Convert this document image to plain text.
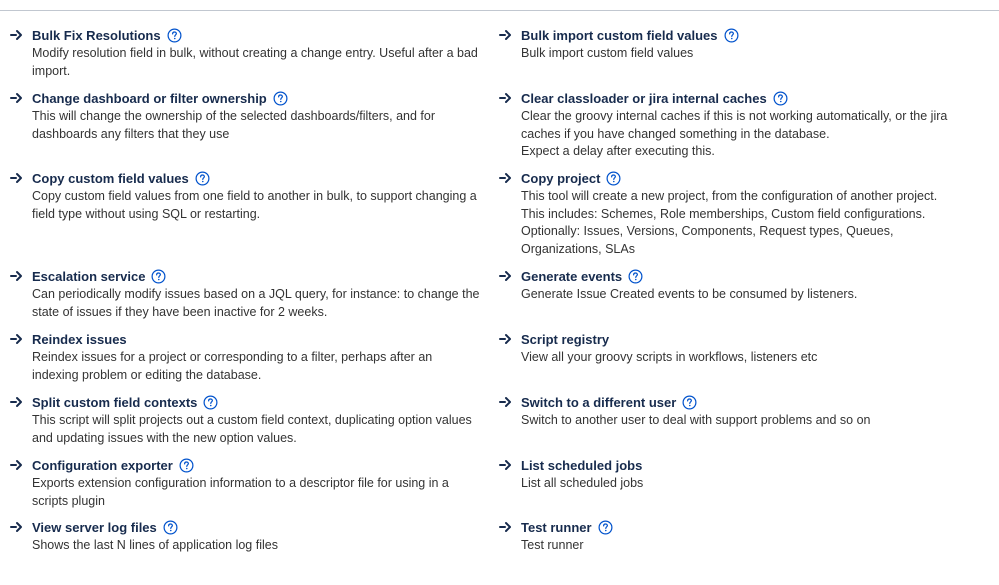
Bulk Fix Resolutions
Modify resolution field in bulk, without creating a change entry. Useful after a bad
import.
Bulk import custom field values
Bulk import custom field values
Change dashboard or filter ownership
This will change the ownership of the selected dashboards/filters, and for
dashboards any filters that they use
Clear classloader or jira internal caches
Clear the groovy internal caches if this is not working automatically, or the jira
caches if you have changed something in the database.
Expect a delay after executing this.
Copy custom field values
Copy custom field values from one field to another in bulk, to support changing a
field type without using SQL or restarting.
Copy project
This tool will create a new project, from the configuration of another project.
This includes: Schemes, Role memberships, Custom field configurations.
Optionally: Issues, Versions, Components, Request types, Queues,
Organizations, SLAs
Escalation service
Can periodically modify issues based on a JQL query, for instance: to change the
state of issues if they have been inactive for 2 weeks.
Generate events
Generate Issue Created events to be consumed by listeners.
Reindex issues
Reindex issues for a project or corresponding to a filter, perhaps after an
indexing problem or editing the database.
Script registry
View all your groovy scripts in workflows, listeners etc
Split custom field contexts
This script will split projects out a custom field context, duplicating option values
and updating issues with the new option values.
Switch to a different user
Switch to another user to deal with support problems and so on
Configuration exporter
Exports extension configuration information to a descriptor file for using in a
scripts plugin
List scheduled jobs
List all scheduled jobs
View server log files
Shows the last N lines of application log files
Test runner
Test runner
